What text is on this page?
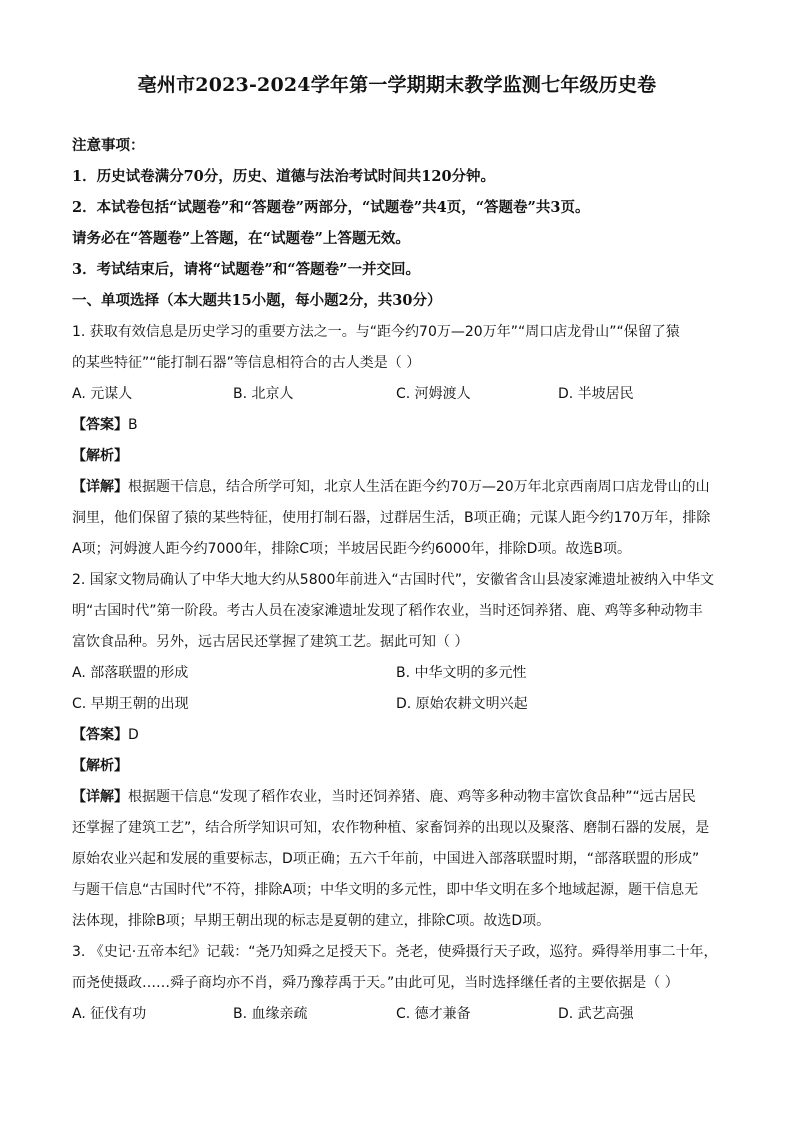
亳州市2023-2024学年第一学期期末教学监测七年级历史卷
注意事项：
1．历史试卷满分70分，历史、道德与法治考试时间共120分钟。
2．本试卷包括“试题卷”和“答题卷”两部分，“试题卷”共4页，“答题卷”共3页。
请务必在“答题卷”上答题，在“试题卷”上答题无效。
3．考试结束后，请将“试题卷”和“答题卷”一并交回。
一、单项选择（本大题共15小题，每小题2分，共30分）
1. 获取有效信息是历史学习的重要方法之一。与“距今约70万—20万年”“周口店龙骨山”“保留了猿
的某些特征”“能打制石器”等信息相符合的古人类是（ ）
A. 元谋人	B. 北京人	C. 河姆渡人	D. 半坡居民
【答案】B
【解析】
【详解】根据题干信息，结合所学可知，北京人生活在距今约70万—20万年北京西南周口店龙骨山的山
洞里，他们保留了猿的某些特征，使用打制石器，过群居生活，B项正确；元谋人距今约170万年，排除
A项；河姆渡人距今约7000年，排除C项；半坡居民距今约6000年，排除D项。故选B项。
2. 国家文物局确认了中华大地大约从5800年前进入“古国时代”，安徽省含山县凌家滩遗址被纳入中华文
明“古国时代”第一阶段。考古人员在凌家滩遗址发现了稻作农业，当时还饲养猪、鹿、鸡等多种动物丰
富饮食品种。另外，远古居民还掌握了建筑工艺。据此可知（ ）
A. 部落联盟的形成	B. 中华文明的多元性
C. 早期王朝的出现	D. 原始农耕文明兴起
【答案】D
【解析】
【详解】根据题干信息“发现了稻作农业，当时还饲养猪、鹿、鸡等多种动物丰富饮食品种”“远古居民
还掌握了建筑工艺”，结合所学知识可知，农作物种植、家畜饲养的出现以及聚落、磨制石器的发展，是
原始农业兴起和发展的重要标志，D项正确；五六千年前，中国进入部落联盟时期，“部落联盟的形成”
与题干信息“古国时代”不符，排除A项；中华文明的多元性，即中华文明在多个地域起源，题干信息无
法体现，排除B项；早期王朝出现的标志是夏朝的建立，排除C项。故选D项。
3. 《史记·五帝本纪》记载：“尧乃知舜之足授天下。尧老，使舜摄行天子政，巡狩。舜得举用事二十年，
而尧使摄政……舜子商均亦不肖，舜乃豫荐禹于天。”由此可见，当时选择继任者的主要依据是（ ）
A. 征伐有功	B. 血缘亲疏	C. 德才兼备	D. 武艺高强
